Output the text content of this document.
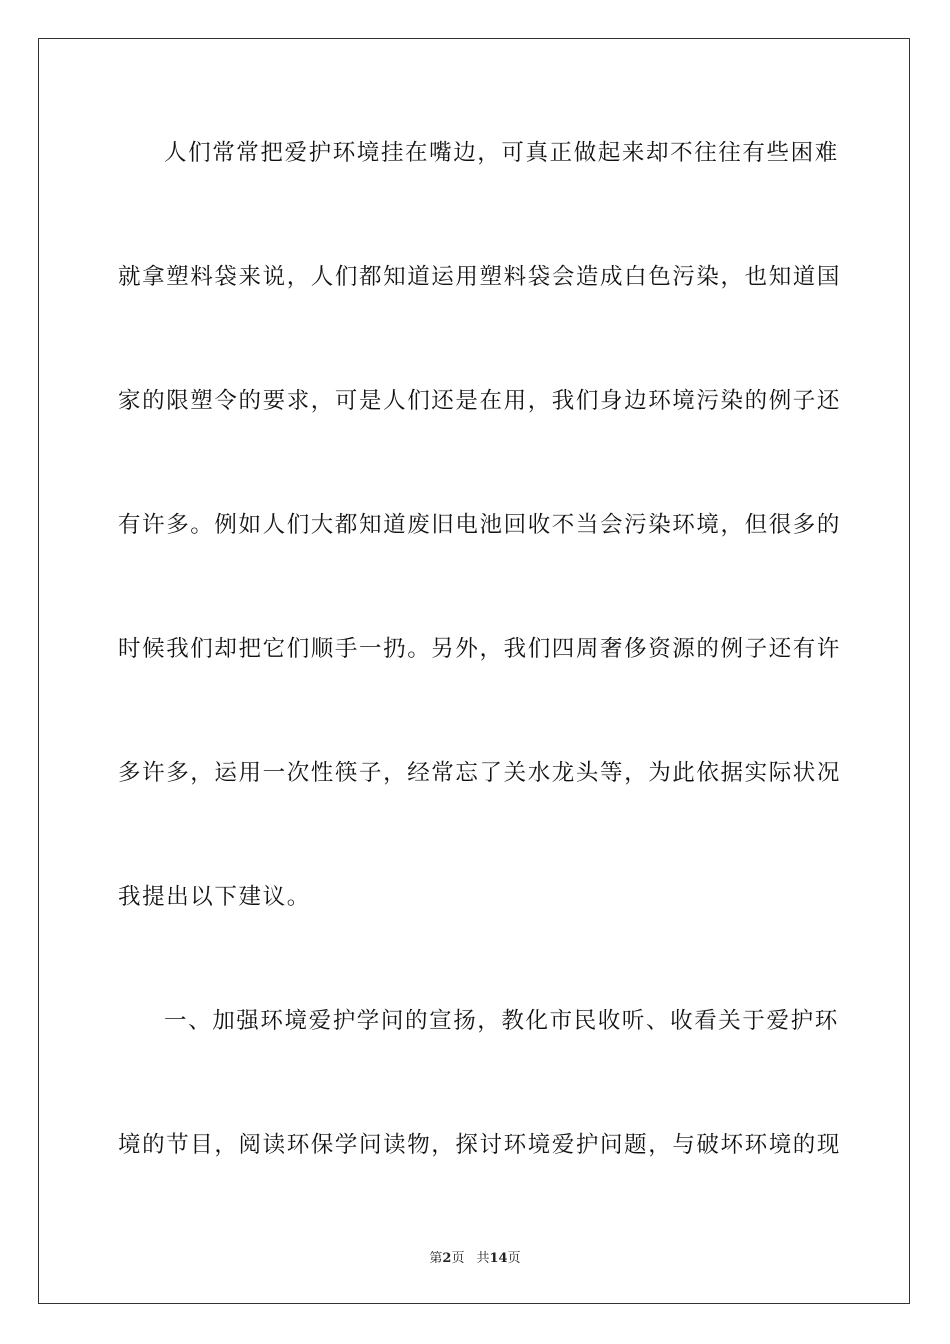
人们常常把爱护环境挂在嘴边，可真正做起来却不往往有些困难
就拿塑料袋来说，人们都知道运用塑料袋会造成白色污染，也知道国
家的限塑令的要求，可是人们还是在用，我们身边环境污染的例子还
有许多。例如人们大都知道废旧电池回收不当会污染环境，但很多的
时候我们却把它们顺手一扔。另外，我们四周奢侈资源的例子还有许
多许多，运用一次性筷子，经常忘了关水龙头等，为此依据实际状况
我提出以下建议。
一、加强环境爱护学问的宣扬，教化市民收听、收看关于爱护环
境的节目，阅读环保学问读物，探讨环境爱护问题，与破坏环境的现
第2页 共14页
